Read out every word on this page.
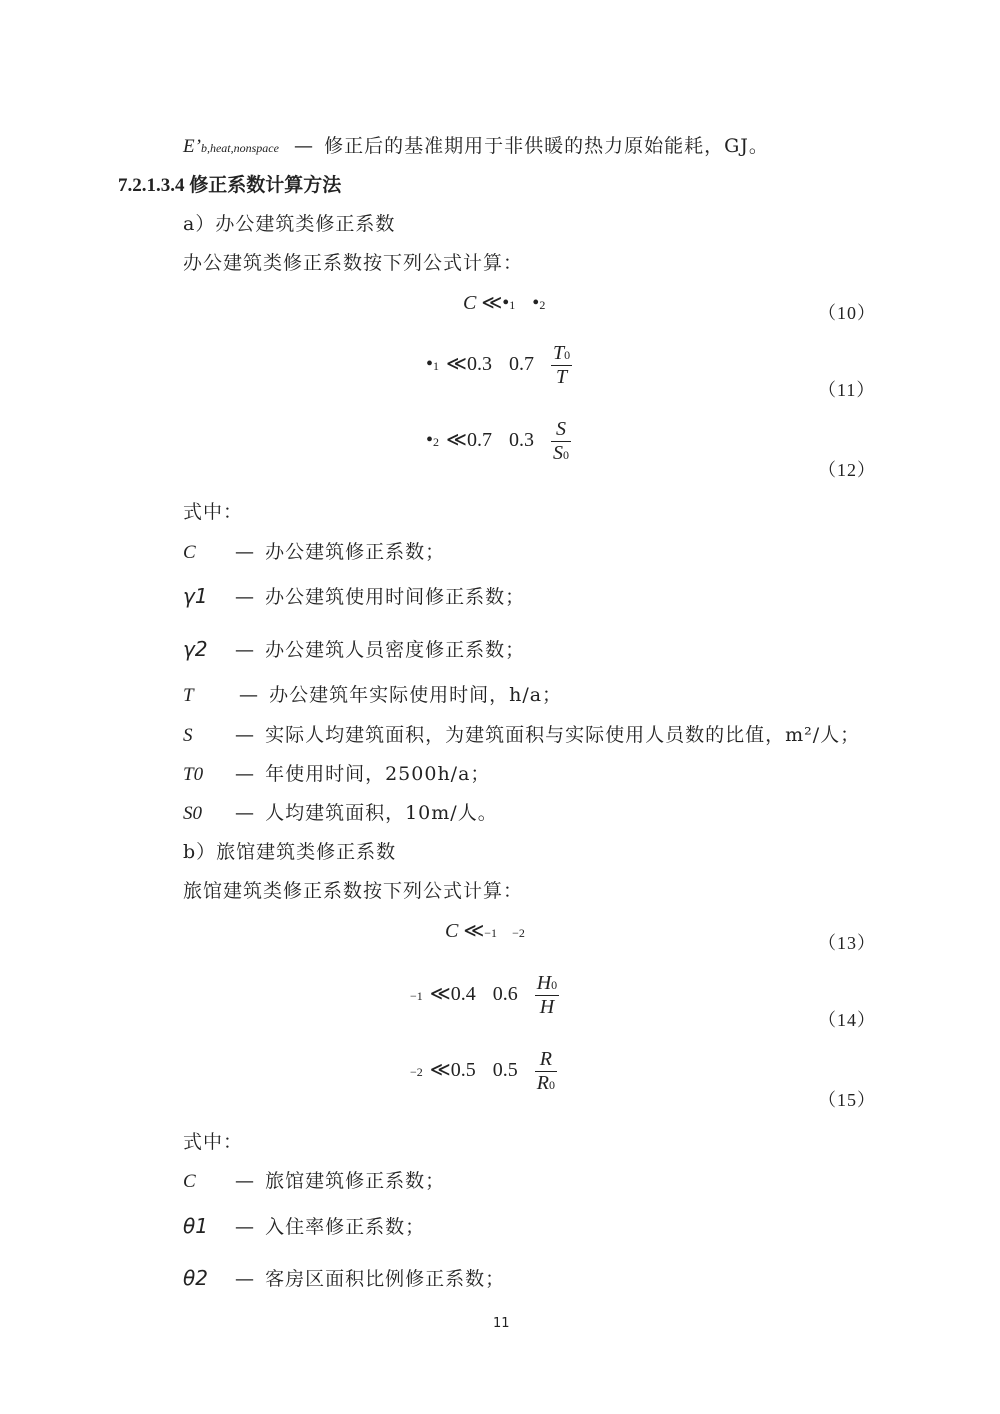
E’b,heat,nonspace — 修正后的基准期用于非供暖的热力原始能耗，GJ。
7.2.1.3.4 修正系数计算方法
a）办公建筑类修正系数
办公建筑类修正系数按下列公式计算：
C ≪•1 •2	（10）
•1 ≪0.3 $0.7 \frac{T0}{T}$
（11）
•2 ≪0.7 $0.3 \frac{S}{S0}$
（12）
式中：
C — 办公建筑修正系数；
γ1 — 办公建筑使用时间修正系数；
γ2 — 办公建筑人员密度修正系数；
T — 办公建筑年实际使用时间，h/a；
S — 实际人均建筑面积，为建筑面积与实际使用人员数的比值，m²/人；
T0 — 年使用时间，2500h/a；
S0 — 人均建筑面积，10m/人。
b）旅馆建筑类修正系数
旅馆建筑类修正系数按下列公式计算：
C ≪−1 −2	（13）
−1 ≪0.4 $0.6 \frac{H0}{H}$
（14）
−2 ≪0.5 $0.5 \frac{R}{R0}$
（15）
式中：
C — 旅馆建筑修正系数；
θ1 — 入住率修正系数；
θ2 — 客房区面积比例修正系数；
11
